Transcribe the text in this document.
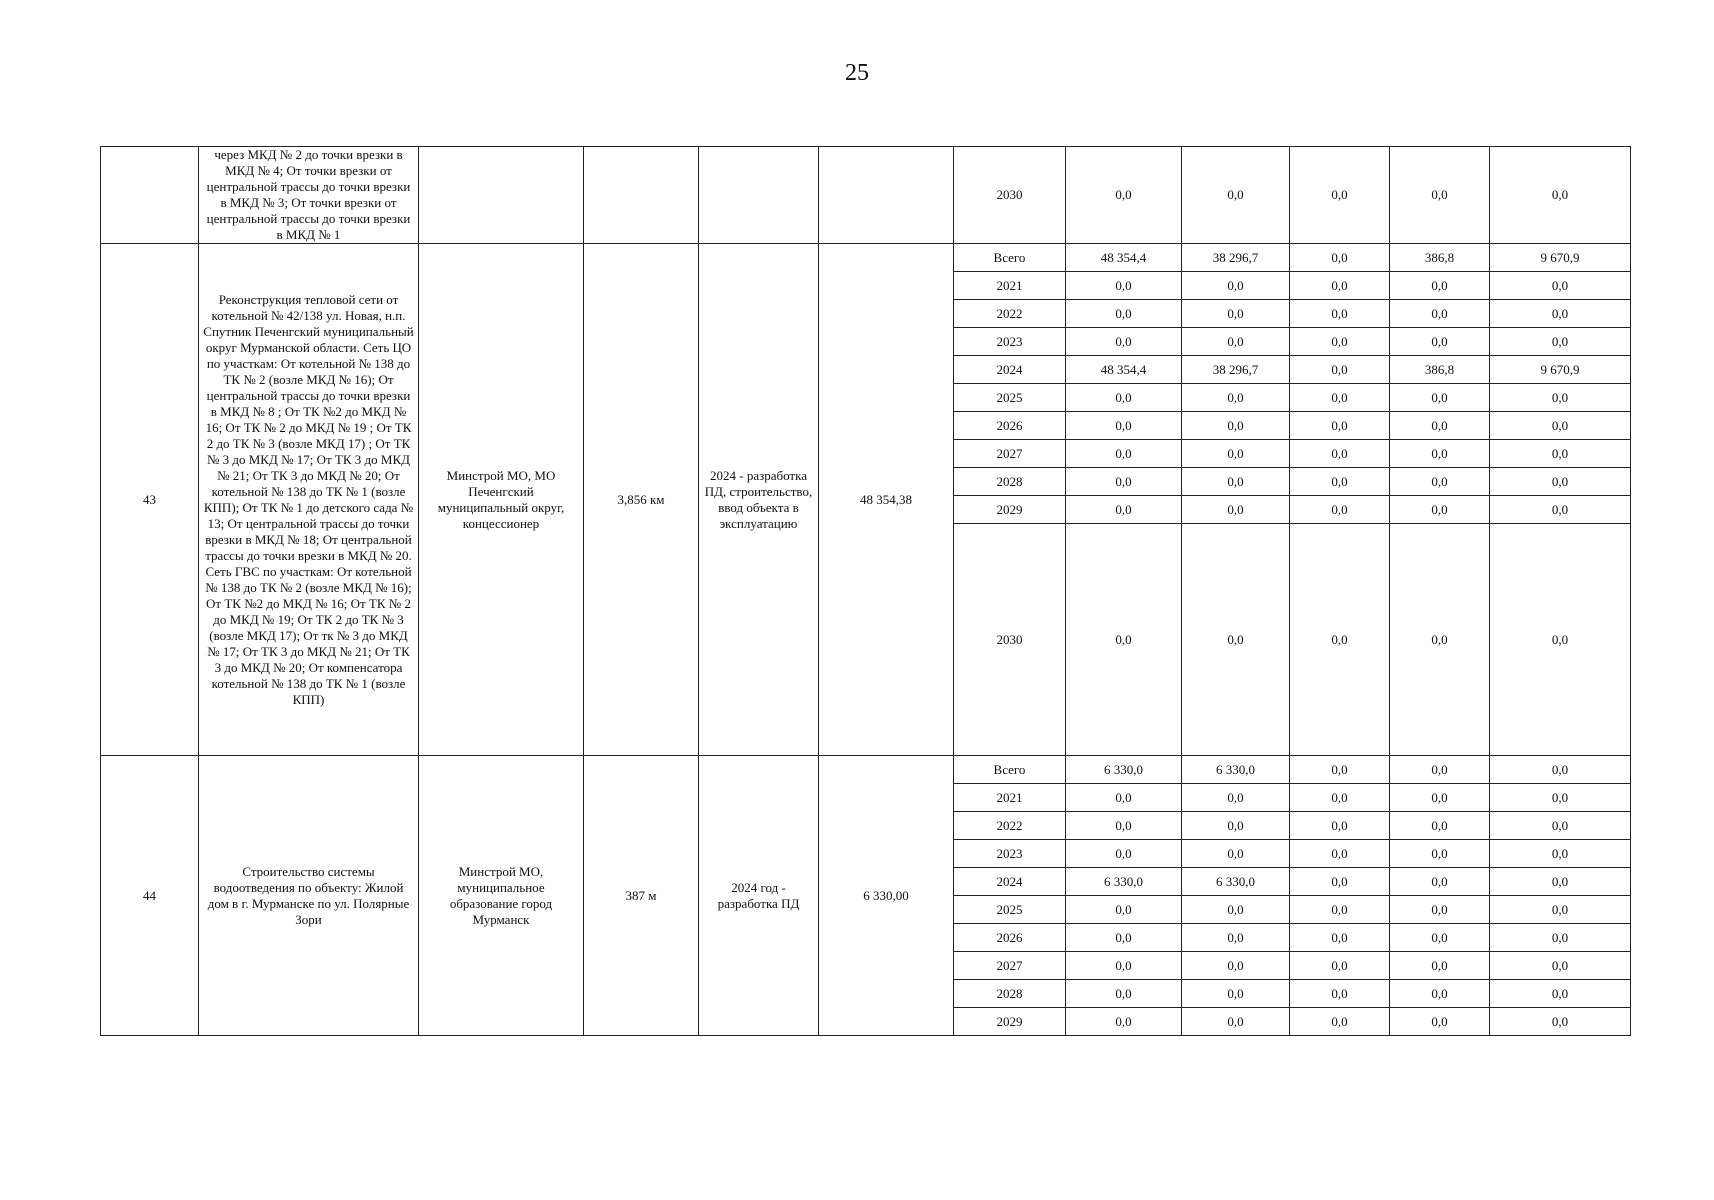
25
	через МКД № 2 до точки врезки в МКД № 4; От точки врезки от центральной трассы до точки врезки в МКД № 3; От точки врезки от центральной трассы до точки врезки в МКД № 1					2030	0,0	0,0	0,0	0,0	0,0
43	Реконструкция тепловой сети от котельной № 42/138 ул. Новая, н.п. Спутник Печенгский муниципальный округ Мурманской области. Сеть ЦО по участкам: От котельной № 138 до ТК № 2 (возле МКД № 16); От центральной трассы до точки врезки в МКД № 8 ; От ТК №2 до МКД № 16; От ТК № 2 до МКД № 19 ; От ТК 2 до ТК № 3 (возле МКД 17) ; От ТК № 3 до МКД № 17; От ТК 3 до МКД № 21; От ТК 3 до МКД № 20; От котельной № 138 до ТК № 1 (возле КПП); От ТК № 1 до детского сада № 13; От центральной трассы до точки врезки в МКД № 18; От центральной трассы до точки врезки в МКД № 20. Сеть ГВС по участкам: От котельной № 138 до ТК № 2 (возле МКД № 16); От ТК №2 до МКД № 16; От ТК № 2 до МКД № 19; От ТК 2 до ТК № 3 (возле МКД 17); От тк № 3 до МКД № 17; От ТК 3 до МКД № 21; От ТК 3 до МКД № 20; От компенсатора котельной № 138 до ТК № 1 (возле КПП)	Минстрой МО, МО Печенгский муниципальный округ, концессионер	3,856 км	2024 - разработка ПД, строительство, ввод объекта в эксплуатацию	48 354,38	Всего	48 354,4	38 296,7	0,0	386,8	9 670,9
						2021	0,0	0,0	0,0	0,0	0,0
						2022	0,0	0,0	0,0	0,0	0,0
						2023	0,0	0,0	0,0	0,0	0,0
						2024	48 354,4	38 296,7	0,0	386,8	9 670,9
						2025	0,0	0,0	0,0	0,0	0,0
						2026	0,0	0,0	0,0	0,0	0,0
						2027	0,0	0,0	0,0	0,0	0,0
						2028	0,0	0,0	0,0	0,0	0,0
						2029	0,0	0,0	0,0	0,0	0,0
						2030	0,0	0,0	0,0	0,0	0,0
44	Строительство системы водоотведения по объекту: Жилой дом в г. Мурманске по ул. Полярные Зори	Минстрой МО, муниципальное образование город Мурманск	387 м	2024 год - разработка ПД	6 330,00	Всего	6 330,0	6 330,0	0,0	0,0	0,0
						2021	0,0	0,0	0,0	0,0	0,0
						2022	0,0	0,0	0,0	0,0	0,0
						2023	0,0	0,0	0,0	0,0	0,0
						2024	6 330,0	6 330,0	0,0	0,0	0,0
						2025	0,0	0,0	0,0	0,0	0,0
						2026	0,0	0,0	0,0	0,0	0,0
						2027	0,0	0,0	0,0	0,0	0,0
						2028	0,0	0,0	0,0	0,0	0,0
						2029	0,0	0,0	0,0	0,0	0,0
